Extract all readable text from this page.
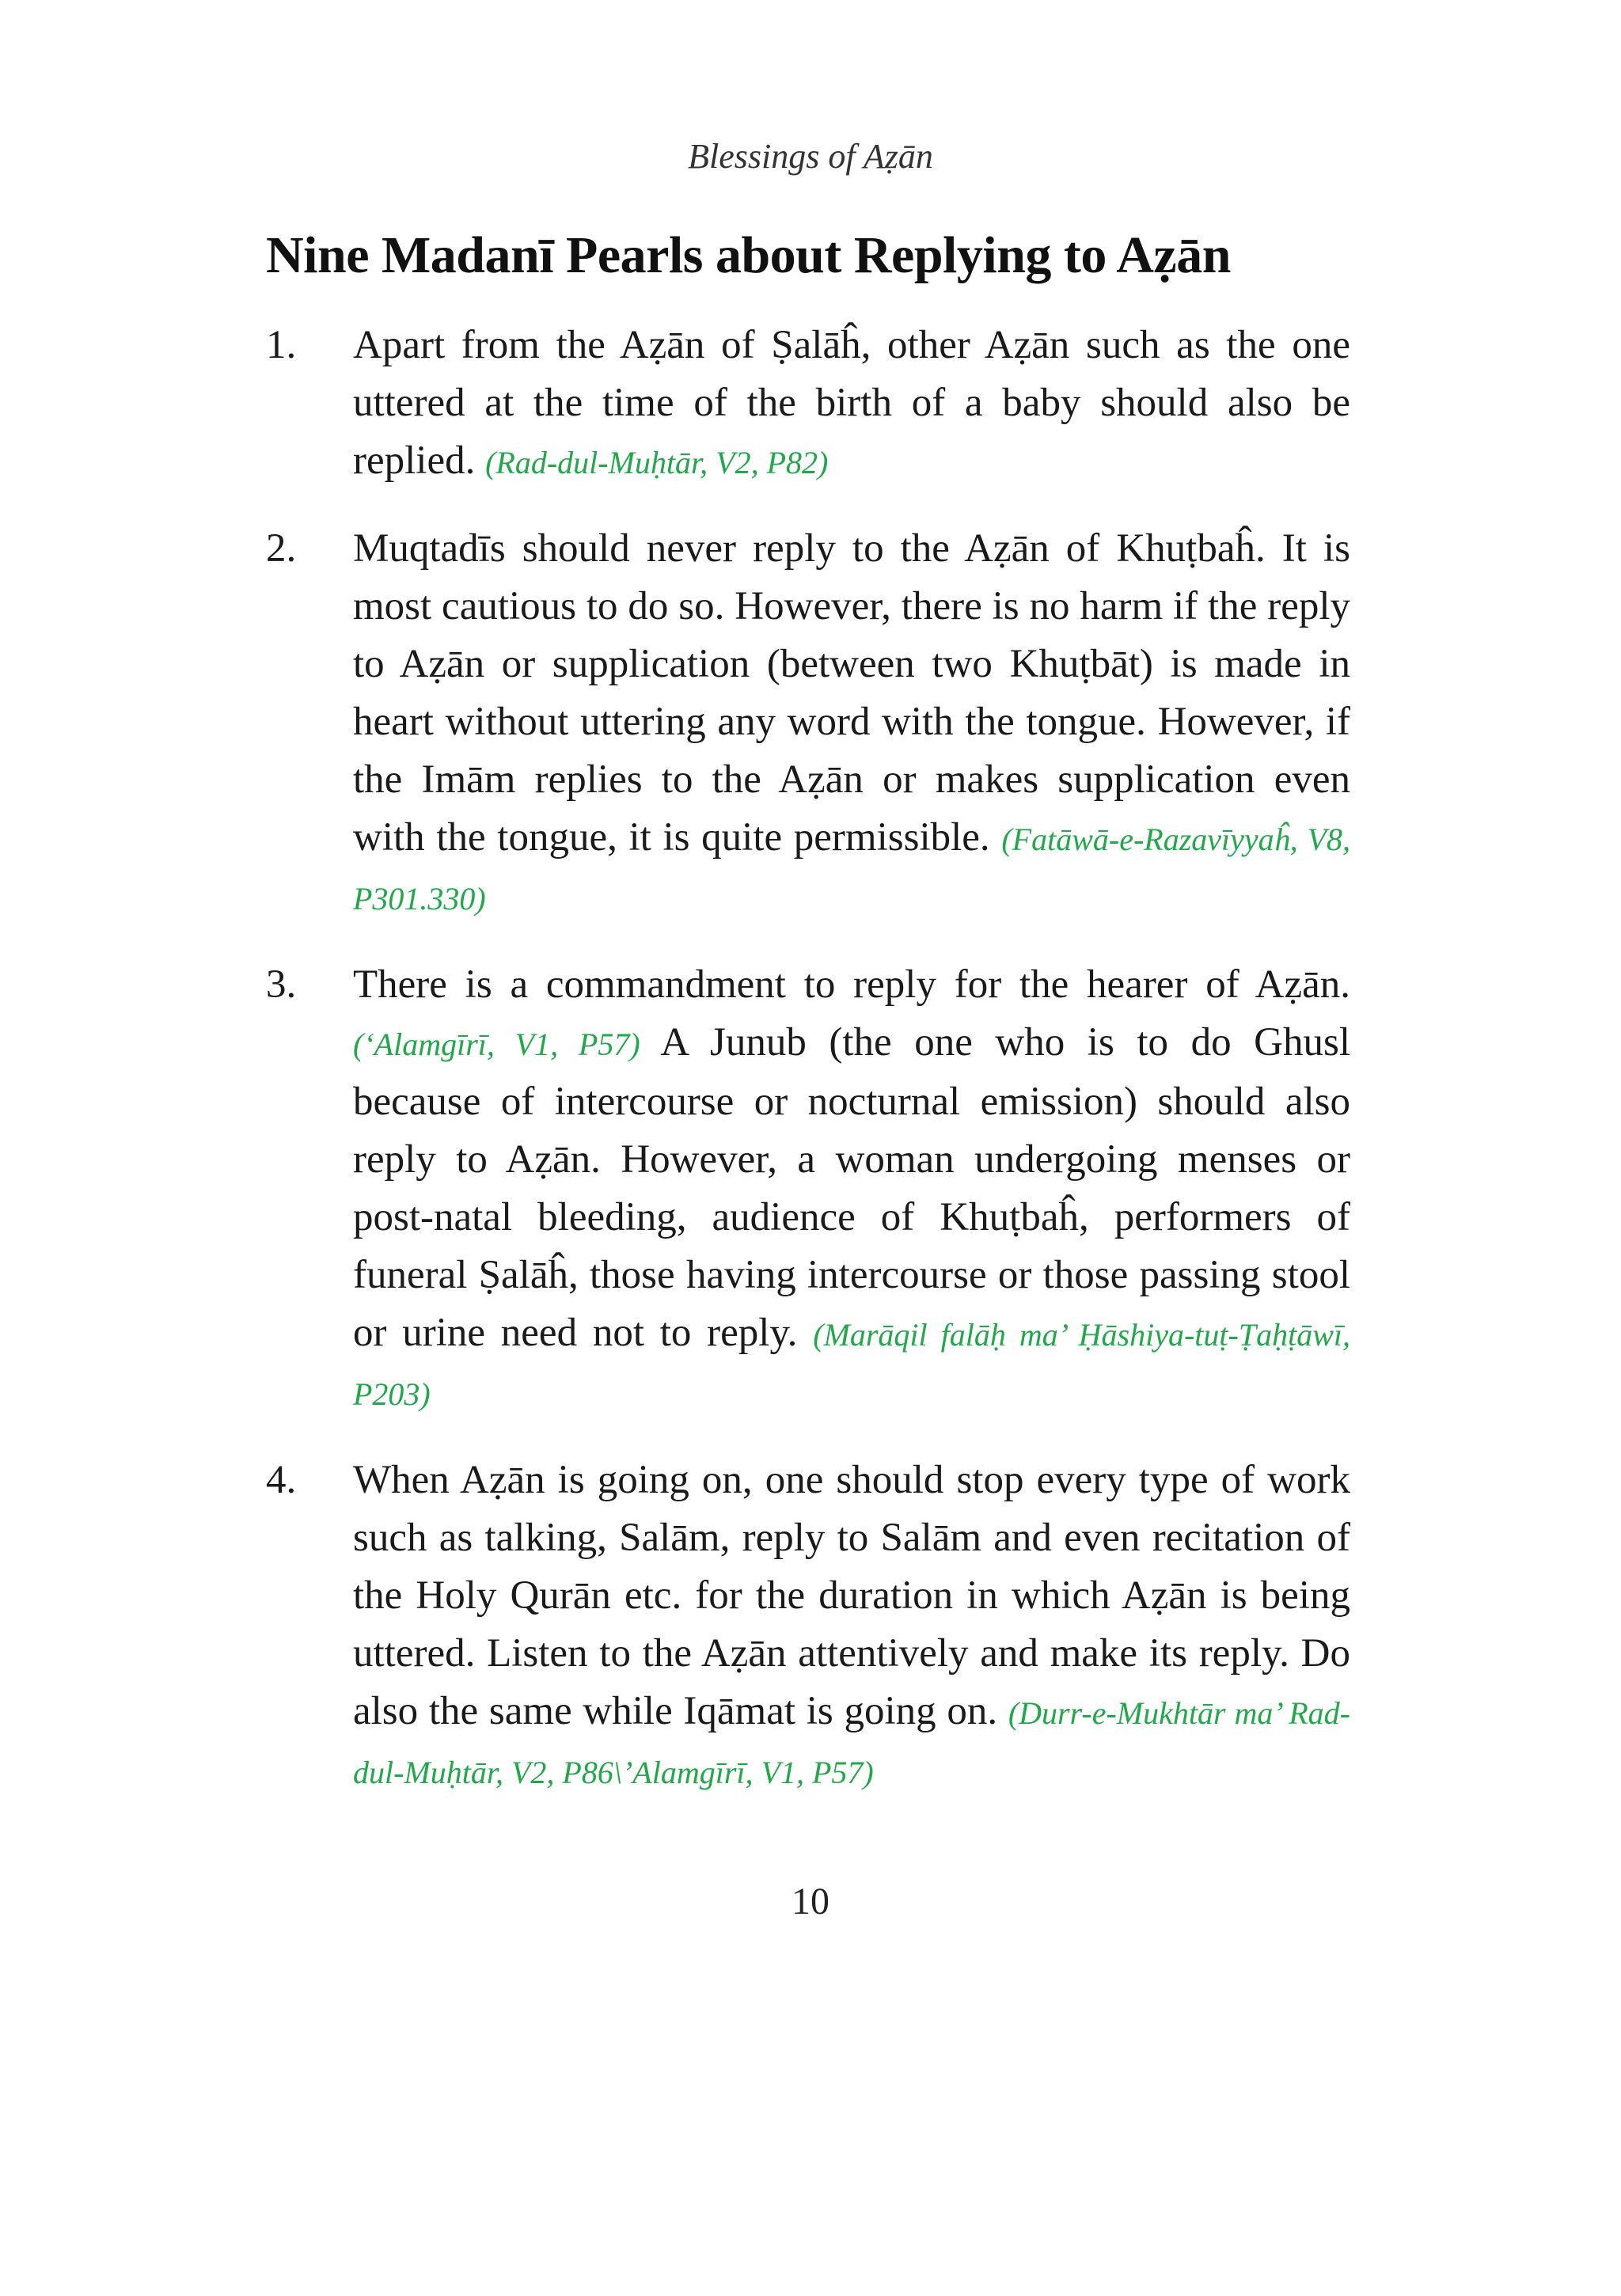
Blessings of Aẓān
Nine Madanī Pearls about Replying to Aẓān
1.	Apart from the Aẓān of Ṣalāĥ, other Aẓān such as the one uttered at the time of the birth of a baby should also be replied. (Rad-dul-Muḥtār, V2, P82)
2.	Muqtadīs should never reply to the Aẓān of Khuṭbaĥ. It is most cautious to do so. However, there is no harm if the reply to Aẓān or supplication (between two Khuṭbāt) is made in heart without uttering any word with the tongue. However, if the Imām replies to the Aẓān or makes supplication even with the tongue, it is quite permissible. (Fatāwā-e-Razavīyyaĥ, V8, P301.330)
3.	There is a commandment to reply for the hearer of Aẓān. (‘Alamgīrī, V1, P57) A Junub (the one who is to do Ghusl because of intercourse or nocturnal emission) should also reply to Aẓān. However, a woman undergoing menses or post-natal bleeding, audience of Khuṭbaĥ, performers of funeral Ṣalāĥ, those having intercourse or those passing stool or urine need not to reply. (Marāqil falāḥ ma’ Ḥāshiya-tuṭ-Ṭaḥṭāwī, P203)
4.	When Aẓān is going on, one should stop every type of work such as talking, Salām, reply to Salām and even recitation of the Holy Qurān etc. for the duration in which Aẓān is being uttered. Listen to the Aẓān attentively and make its reply. Do also the same while Iqāmat is going on. (Durr-e-Mukhtār ma’ Rad-dul-Muḥtār, V2, P86\’Alamgīrī, V1, P57)
10
